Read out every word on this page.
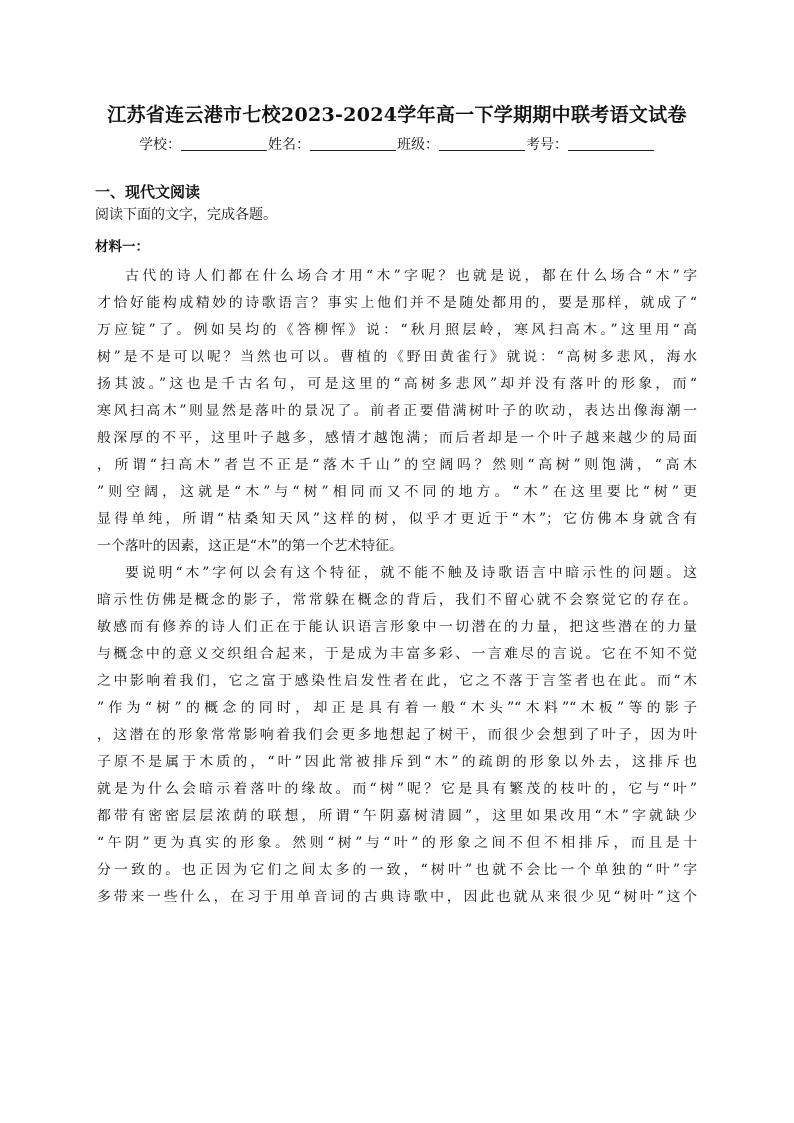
江苏省连云港市七校2023-2024学年高一下学期期中联考语文试卷
学校：	姓名：	班级：	考号：
一、现代文阅读
阅读下面的文字，完成各题。
材料一：
古代的诗人们都在什么场合才用“木”字呢？也就是说，都在什么场合“木”字
才恰好能构成精妙的诗歌语言？事实上他们并不是随处都用的，要是那样，就成了“
万应锭”了。例如吴均的《答柳恽》说：“秋月照层岭，寒风扫高木。”这里用“高
树”是不是可以呢？当然也可以。曹植的《野田黄雀行》就说：“高树多悲风，海水
扬其波。”这也是千古名句，可是这里的“高树多悲风”却并没有落叶的形象，而“
寒风扫高木”则显然是落叶的景况了。前者正要借满树叶子的吹动，表达出像海潮一
般深厚的不平，这里叶子越多，感情才越饱满；而后者却是一个叶子越来越少的局面
，所谓“扫高木”者岂不正是“落木千山”的空阔吗？然则“高树”则饱满，“高木
”则空阔，这就是“木”与“树”相同而又不同的地方。“木”在这里要比“树”更
显得单纯，所谓“枯桑知天风”这样的树，似乎才更近于“木”；它仿佛本身就含有
一个落叶的因素，这正是“木”的第一个艺术特征。
要说明“木”字何以会有这个特征，就不能不触及诗歌语言中暗示性的问题。这
暗示性仿佛是概念的影子，常常躲在概念的背后，我们不留心就不会察觉它的存在。
敏感而有修养的诗人们正在于能认识语言形象中一切潜在的力量，把这些潜在的力量
与概念中的意义交织组合起来，于是成为丰富多彩、一言难尽的言说。它在不知不觉
之中影响着我们，它之富于感染性启发性者在此，它之不落于言筌者也在此。而“木
”作为“树”的概念的同时，却正是具有着一般“木头”“木料”“木板”等的影子
，这潜在的形象常常影响着我们会更多地想起了树干，而很少会想到了叶子，因为叶
子原不是属于木质的，“叶”因此常被排斥到“木”的疏朗的形象以外去，这排斥也
就是为什么会暗示着落叶的缘故。而“树”呢？它是具有繁茂的枝叶的，它与“叶”
都带有密密层层浓荫的联想，所谓“午阴嘉树清圆”，这里如果改用“木”字就缺少
“午阴”更为真实的形象。然则“树”与“叶”的形象之间不但不相排斥，而且是十
分一致的。也正因为它们之间太多的一致，“树叶”也就不会比一个单独的“叶”字
多带来一些什么，在习于用单音词的古典诗歌中，因此也就从来很少见“树叶”这个
